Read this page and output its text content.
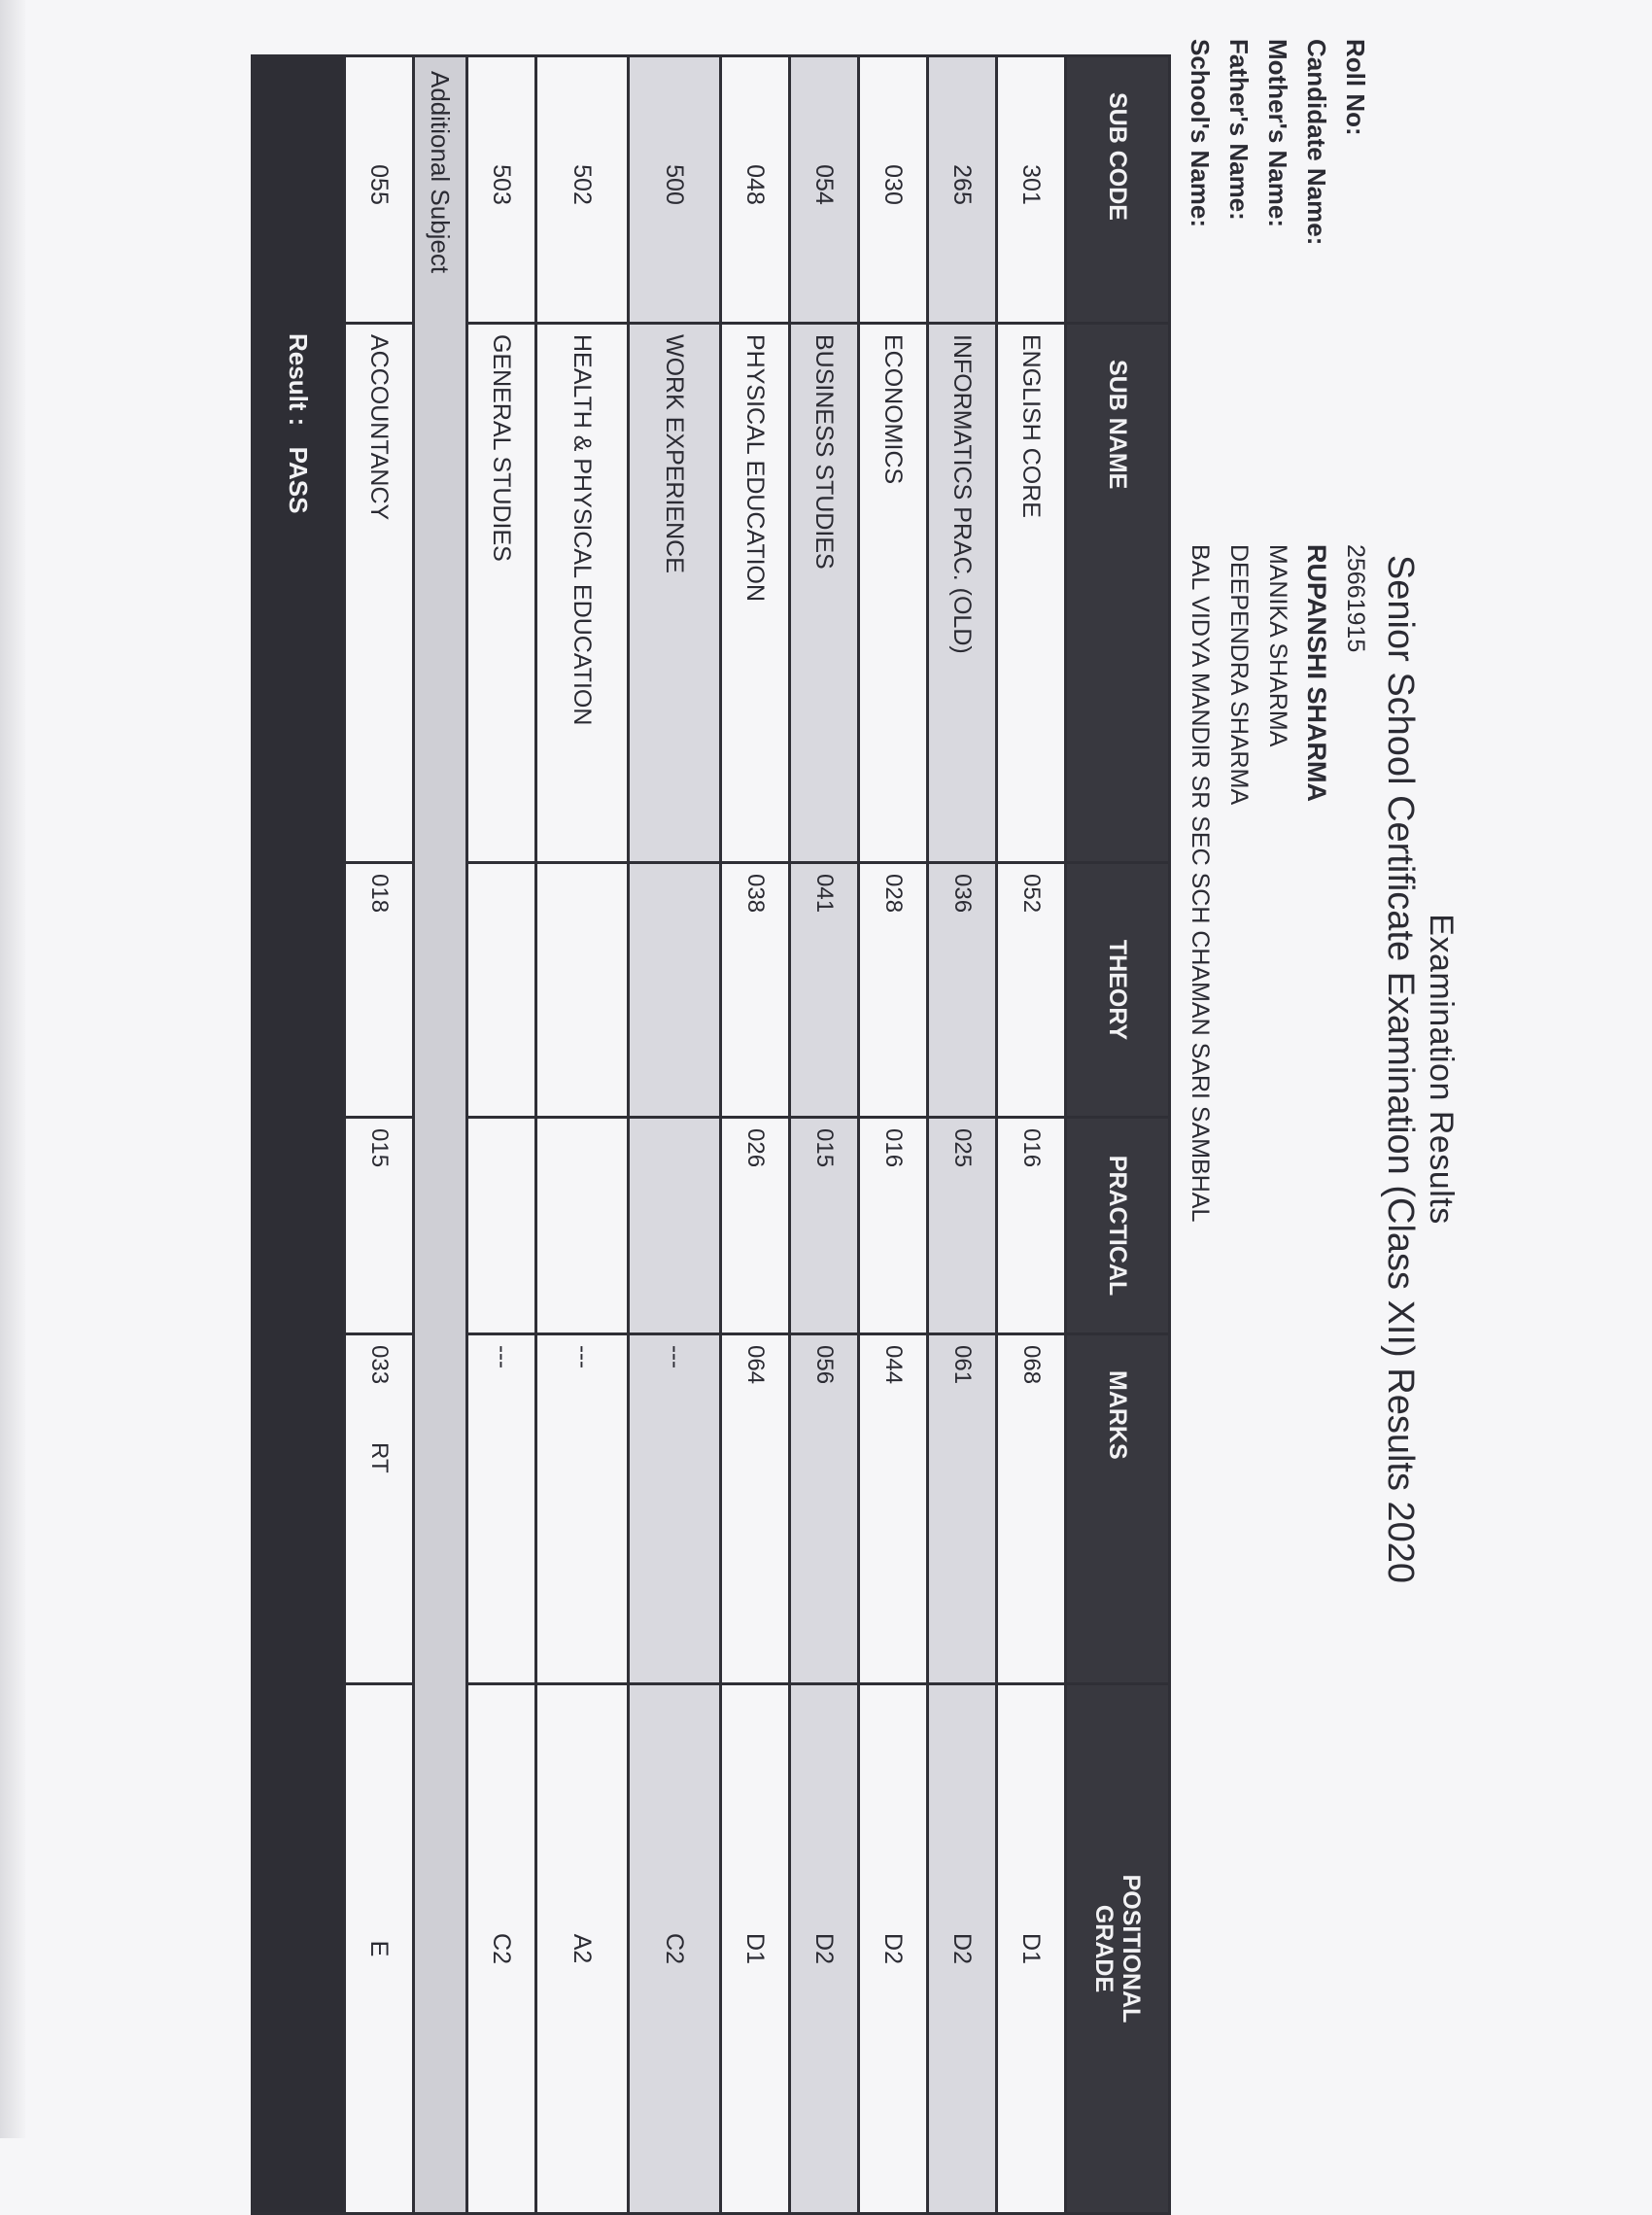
Examination Results
Senior School Certificate Examination (Class XII) Results 2020
Roll No:
25661915
Candidate Name:
RUPANSHI SHARMA
Mother's Name:
MANIKA SHARMA
Father's Name:
DEEPENDRA SHARMA
School's Name:
BAL VIDYA MANDIR SR SEC SCH CHAMAN SARI SAMBHAL
SUB CODE	SUB NAME	THEORY	PRACTICAL	MARKS	POSITIONAL
GRADE
301	ENGLISH CORE	052	016	068	D1
265	INFORMATICS PRAC. (OLD)	036	025	061	D2
030	ECONOMICS	028	016	044	D2
054	BUSINESS STUDIES	041	015	056	D2
048	PHYSICAL EDUCATION	038	026	064	D1
500	WORK EXPERIENCE			---	C2
502	HEALTH & PHYSICAL EDUCATION			---	A2
503	GENERAL STUDIES			---	C2
Additional Subject					
055	ACCOUNTANCY	018	015	033RT	E
Result : PASS					
